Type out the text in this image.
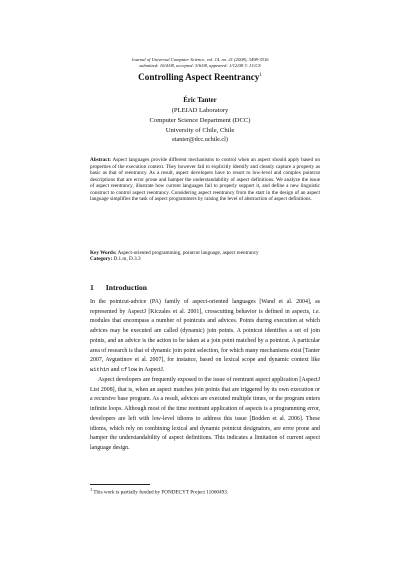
Journal of Universal Computer Science, vol. 14, no. 21 (2008), 3498-3516
submitted: 16/4/08, accepted: 5/6/08, appeared: 1/12/08 © J.UCS
Controlling Aspect Reentrancy$^1$
Éric Tanter
(PLEIAD Laboratory
Computer Science Department (DCC)
University of Chile, Chile
etanter@dcc.uchile.cl)
Abstract: Aspect languages provide different mechanisms to control when an aspect should apply based on properties of the execution context. They however fail to explicitly identify and cleanly capture a property as basic as that of reentrancy. As a result, aspect developers have to resort to low-level and complex pointcut descriptions that are error prone and hamper the understandability of aspect definitions. We analyze the issue of aspect reentrancy, illustrate how current languages fail to properly support it, and define a new linguistic construct to control aspect reentrancy. Considering aspect reentrancy from the start in the design of an aspect language simplifies the task of aspect programmers by raising the level of abstraction of aspect definitions.
Key Words: Aspect-oriented programming, pointcut language, aspect reentrancy
Category: D.1.m, D.3.3
1 Introduction
In the pointcut-advice (PA) family of aspect-oriented languages [Wand et al. 2004], as represented by AspectJ [Kiczales et al. 2001], crosscutting behavior is defined in aspects, i.e. modules that encompass a number of pointcuts and advices. Points during execution at which advices may be executed are called (dynamic) join points. A pointcut identifies a set of join points, and an advice is the action to be taken at a join point matched by a pointcut. A particular area of research is that of dynamic join point selection, for which many mechanisms exist [Tanter 2007, Avgustinov et al. 2007], for instance, based on lexical scope and dynamic context like within and cflow in AspectJ.
Aspect developers are frequently exposed to the issue of reentrant aspect application [AspectJ List 2008], that is, when an aspect matches join points that are triggered by its own execution or a recursive base program. As a result, advices are executed multiple times, or the program enters infinite loops. Although most of the time reentrant application of aspects is a programming error, developers are left with low-level idioms to address this issue [Bodden et al. 2006]. These idioms, which rely on combining lexical and dynamic pointcut designators, are error prone and hamper the understandability of aspect definitions. This indicates a limitation of current aspect language design.
$^1$ This work is partially funded by FONDECYT Project 11060493.
